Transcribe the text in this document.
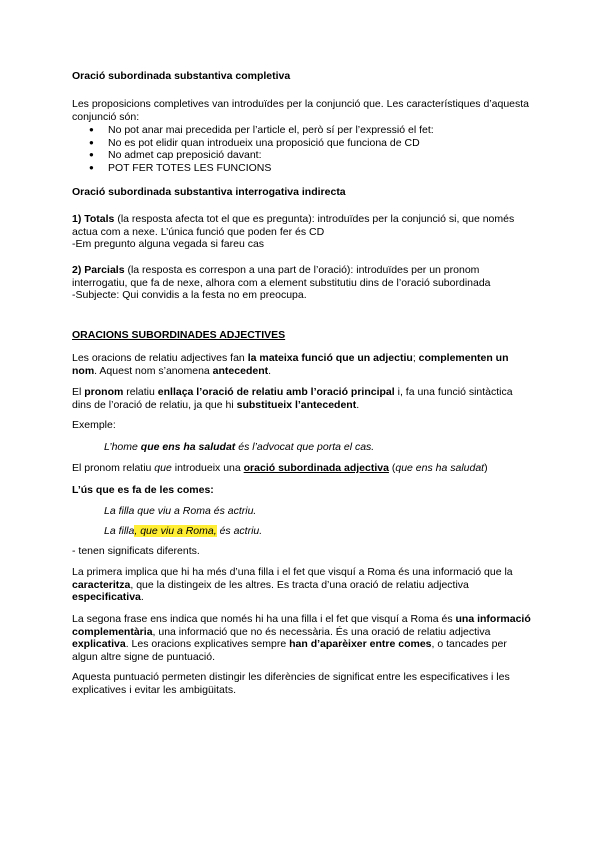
Oració subordinada substantiva completiva

Les proposicions completives van introduïdes per la conjunció que. Les característiques d’aquesta conjunció són:

● No pot anar mai precedida per l’article el, però sí per l’expressió el fet:
● No es pot elidir quan introdueix una proposició que funciona de CD
● No admet cap preposició davant:
● POT FER TOTES LES FUNCIONS

Oració subordinada substantiva interrogativa indirecta

1) Totals (la resposta afecta tot el que es pregunta): introduïdes per la conjunció si, que només actua com a nexe. L’única funció que poden fer és CD
-Em pregunto alguna vegada si fareu cas

2) Parcials (la resposta es correspon a una part de l’oració): introduïdes per un pronom interrogatiu, que fa de nexe, alhora com a element substitutiu dins de l’oració subordinada
-Subjecte: Qui convidis a la festa no em preocupa.

ORACIONS SUBORDINADES ADJECTIVES

Les oracions de relatiu adjectives fan la mateixa funció que un adjectiu; complementen un nom. Aquest nom s’anomena antecedent.

El pronom relatiu enllaça l’oració de relatiu amb l’oració principal i, fa una funció sintàctica dins de l’oració de relatiu, ja que hi substitueix l’antecedent.

Exemple:

L’home que ens ha saludat és l’advocat que porta el cas.

El pronom relatiu que introdueix una oració subordinada adjectiva (que ens ha saludat)

L’ús que es fa de les comes:

La filla que viu a Roma és actriu.

La filla, que viu a Roma, és actriu.

- tenen significats diferents.

La primera implica que hi ha més d’una filla i el fet que visquí a Roma és una informació que la caracteritza, que la distingeix de les altres. Es tracta d’una oració de relatiu adjectiva especificativa.

La segona frase ens indica que només hi ha una filla i el fet que visquí a Roma és una informació complementària, una informació que no és necessària. És una oració de relatiu adjectiva explicativa. Les oracions explicatives sempre han d’aparèixer entre comes, o tancades per algun altre signe de puntuació.

Aquesta puntuació permeten distingir les diferències de significat entre les especificatives i les explicatives i evitar les ambigüitats.
